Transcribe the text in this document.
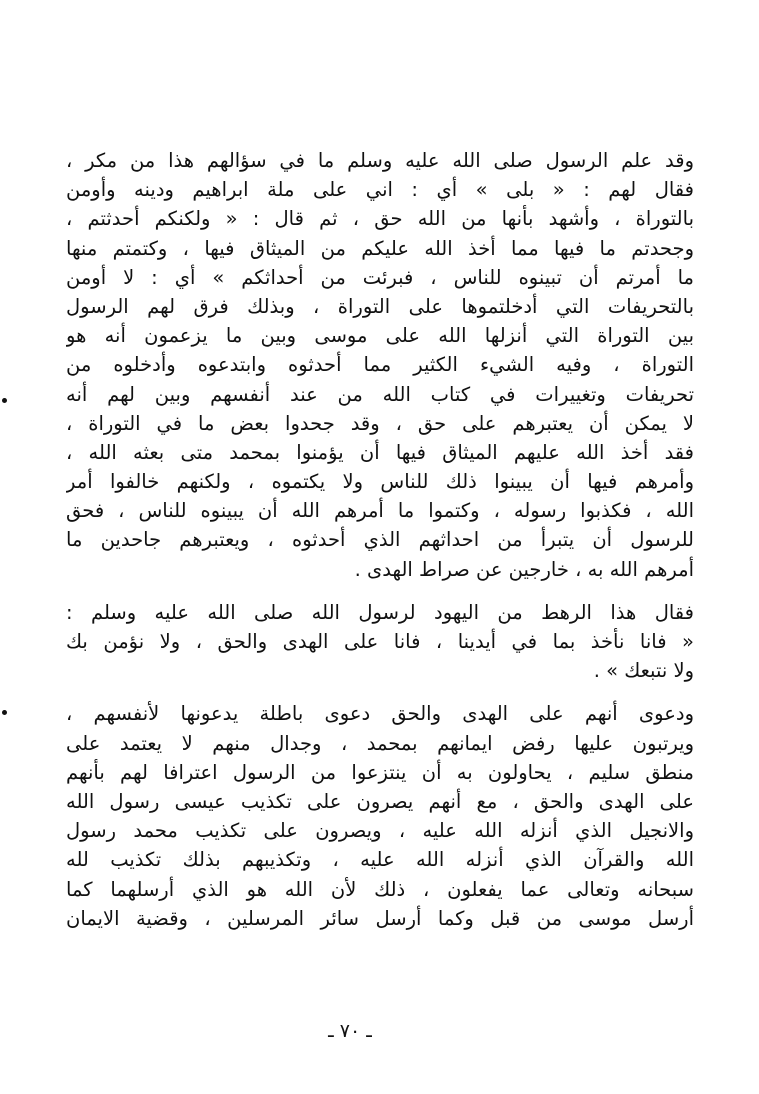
وقد علم الرسول صلى الله عليه وسلم ما في سؤالهم هذا من مكر ،
فقال لهم : « بلى » أي : اني على ملة ابراهيم ودينه وأومن
بالتوراة ، وأشهد بأنها من الله حق ، ثم قال : « ولكنكم أحدثتم ،
وجحدتم ما فيها مما أخذ الله عليكم من الميثاق فيها ، وكتمتم منها
ما أمرتم أن تبينوه للناس ، فبرئت من أحداثكم » أي : لا أومن
بالتحريفات التي أدخلتموها على التوراة ، وبذلك فرق لهم الرسول
بين التوراة التي أنزلها الله على موسى وبين ما يزعمون أنه هو
التوراة ، وفيه الشيء الكثير مما أحدثوه وابتدعوه وأدخلوه من
تحريفات وتغييرات في كتاب الله من عند أنفسهم وبين لهم أنه
لا يمكن أن يعتبرهم على حق ، وقد جحدوا بعض ما في التوراة ،
فقد أخذ الله عليهم الميثاق فيها أن يؤمنوا بمحمد متى بعثه الله ،
وأمرهم فيها أن يبينوا ذلك للناس ولا يكتموه ، ولكنهم خالفوا أمر
الله ، فكذبوا رسوله ، وكتموا ما أمرهم الله أن يبينوه للناس ، فحق
للرسول أن يتبرأ من احداثهم الذي أحدثوه ، ويعتبرهم جاحدين ما
أمرهم الله به ، خارجين عن صراط الهدى .
فقال هذا الرهط من اليهود لرسول الله صلى الله عليه وسلم :
« فانا نأخذ بما في أيدينا ، فانا على الهدى والحق ، ولا نؤمن بك
ولا نتبعك » .
ودعوى أنهم على الهدى والحق دعوى باطلة يدعونها لأنفسهم ،
ويرتبون عليها رفض ايمانهم بمحمد ، وجدال منهم لا يعتمد على
منطق سليم ، يحاولون به أن ينتزعوا من الرسول اعترافا لهم بأنهم
على الهدى والحق ، مع أنهم يصرون على تكذيب عيسى رسول الله
والانجيل الذي أنزله الله عليه ، ويصرون على تكذيب محمد رسول
الله والقرآن الذي أنزله الله عليه ، وتكذيبهم بذلك تكذيب لله
سبحانه وتعالى عما يفعلون ، ذلك لأن الله هو الذي أرسلهما كما
أرسل موسى من قبل وكما أرسل سائر المرسلين ، وقضية الايمان
ـ ٧٠ ـ
